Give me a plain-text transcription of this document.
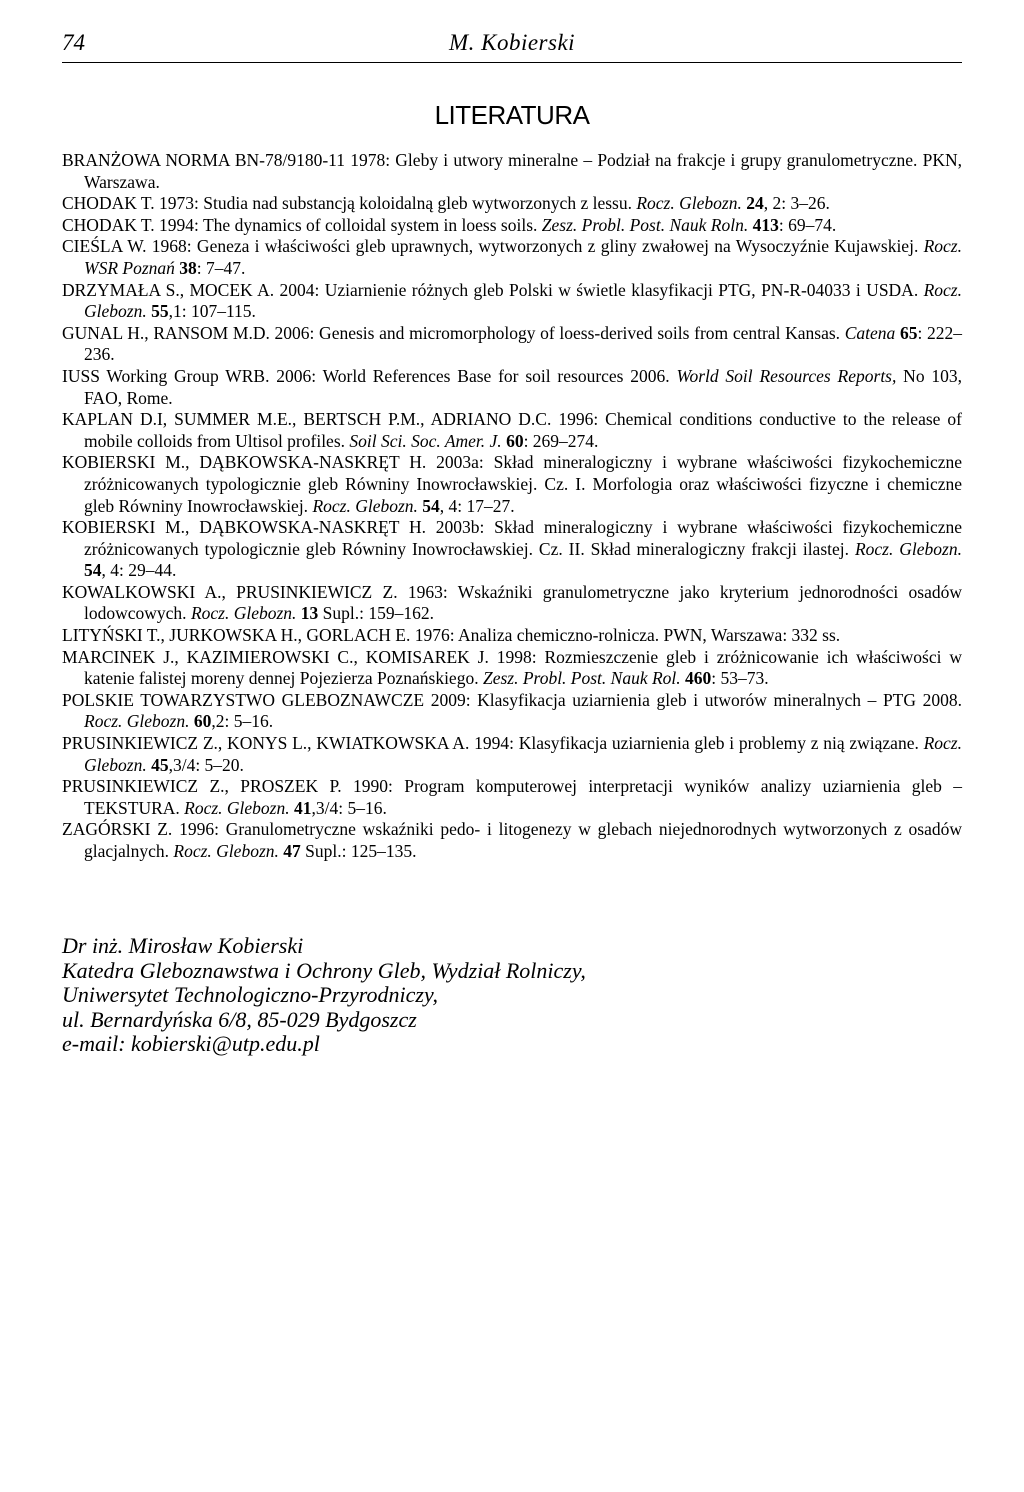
74	M. Kobierski
LITERATURA
BRANŻOWA NORMA BN-78/9180-11 1978: Gleby i utwory mineralne – Podział na frakcje i grupy granulometryczne. PKN, Warszawa.
CHODAK T. 1973: Studia nad substancją koloidalną gleb wytworzonych z lessu. Rocz. Glebozn. 24, 2: 3–26.
CHODAK T. 1994: The dynamics of colloidal system in loess soils. Zesz. Probl. Post. Nauk Roln. 413: 69–74.
CIEŚLA W. 1968: Geneza i właściwości gleb uprawnych, wytworzonych z gliny zwałowej na Wysoczyźnie Kujawskiej. Rocz. WSR Poznań 38: 7–47.
DRZYMAŁA S., MOCEK A. 2004: Uziarnienie różnych gleb Polski w świetle klasyfikacji PTG, PN-R-04033 i USDA. Rocz. Glebozn. 55,1: 107–115.
GUNAL H., RANSOM M.D. 2006: Genesis and micromorphology of loess-derived soils from central Kansas. Catena 65: 222–236.
IUSS Working Group WRB. 2006: World References Base for soil resources 2006. World Soil Resources Reports, No 103, FAO, Rome.
KAPLAN D.I, SUMMER M.E., BERTSCH P.M., ADRIANO D.C. 1996: Chemical conditions conductive to the release of mobile colloids from Ultisol profiles. Soil Sci. Soc. Amer. J. 60: 269–274.
KOBIERSKI M., DĄBKOWSKA-NASKRĘT H. 2003a: Skład mineralogiczny i wybrane właściwości fizykochemiczne zróżnicowanych typologicznie gleb Równiny Inowrocławskiej. Cz. I. Morfologia oraz właściwości fizyczne i chemiczne gleb Równiny Inowrocławskiej. Rocz. Glebozn. 54, 4: 17–27.
KOBIERSKI M., DĄBKOWSKA-NASKRĘT H. 2003b: Skład mineralogiczny i wybrane właściwości fizykochemiczne zróżnicowanych typologicznie gleb Równiny Inowrocławskiej. Cz. II. Skład mineralogiczny frakcji ilastej. Rocz. Glebozn. 54, 4: 29–44.
KOWALKOWSKI A., PRUSINKIEWICZ Z. 1963: Wskaźniki granulometryczne jako kryterium jednorodności osadów lodowcowych. Rocz. Glebozn. 13 Supl.: 159–162.
LITYŃSKI T., JURKOWSKA H., GORLACH E. 1976: Analiza chemiczno-rolnicza. PWN, Warszawa: 332 ss.
MARCINEK J., KAZIMIEROWSKI C., KOMISAREK J. 1998: Rozmieszczenie gleb i zróżnicowanie ich właściwości w katenie falistej moreny dennej Pojezierza Poznańskiego. Zesz. Probl. Post. Nauk Rol. 460: 53–73.
POLSKIE TOWARZYSTWO GLEBOZNAWCZE 2009: Klasyfikacja uziarnienia gleb i utworów mineralnych – PTG 2008. Rocz. Glebozn. 60,2: 5–16.
PRUSINKIEWICZ Z., KONYS L., KWIATKOWSKA A. 1994: Klasyfikacja uziarnienia gleb i problemy z nią związane. Rocz. Glebozn. 45,3/4: 5–20.
PRUSINKIEWICZ Z., PROSZEK P. 1990: Program komputerowej interpretacji wyników analizy uziarnienia gleb – TEKSTURA. Rocz. Glebozn. 41,3/4: 5–16.
ZAGÓRSKI Z. 1996: Granulometryczne wskaźniki pedo- i litogenezy w glebach niejednorodnych wytworzonych z osadów glacjalnych. Rocz. Glebozn. 47 Supl.: 125–135.
Dr inż. Mirosław Kobierski
Katedra Gleboznawstwa i Ochrony Gleb, Wydział Rolniczy,
Uniwersytet Technologiczno-Przyrodniczy,
ul. Bernardyńska 6/8, 85-029 Bydgoszcz
e-mail: kobierski@utp.edu.pl
